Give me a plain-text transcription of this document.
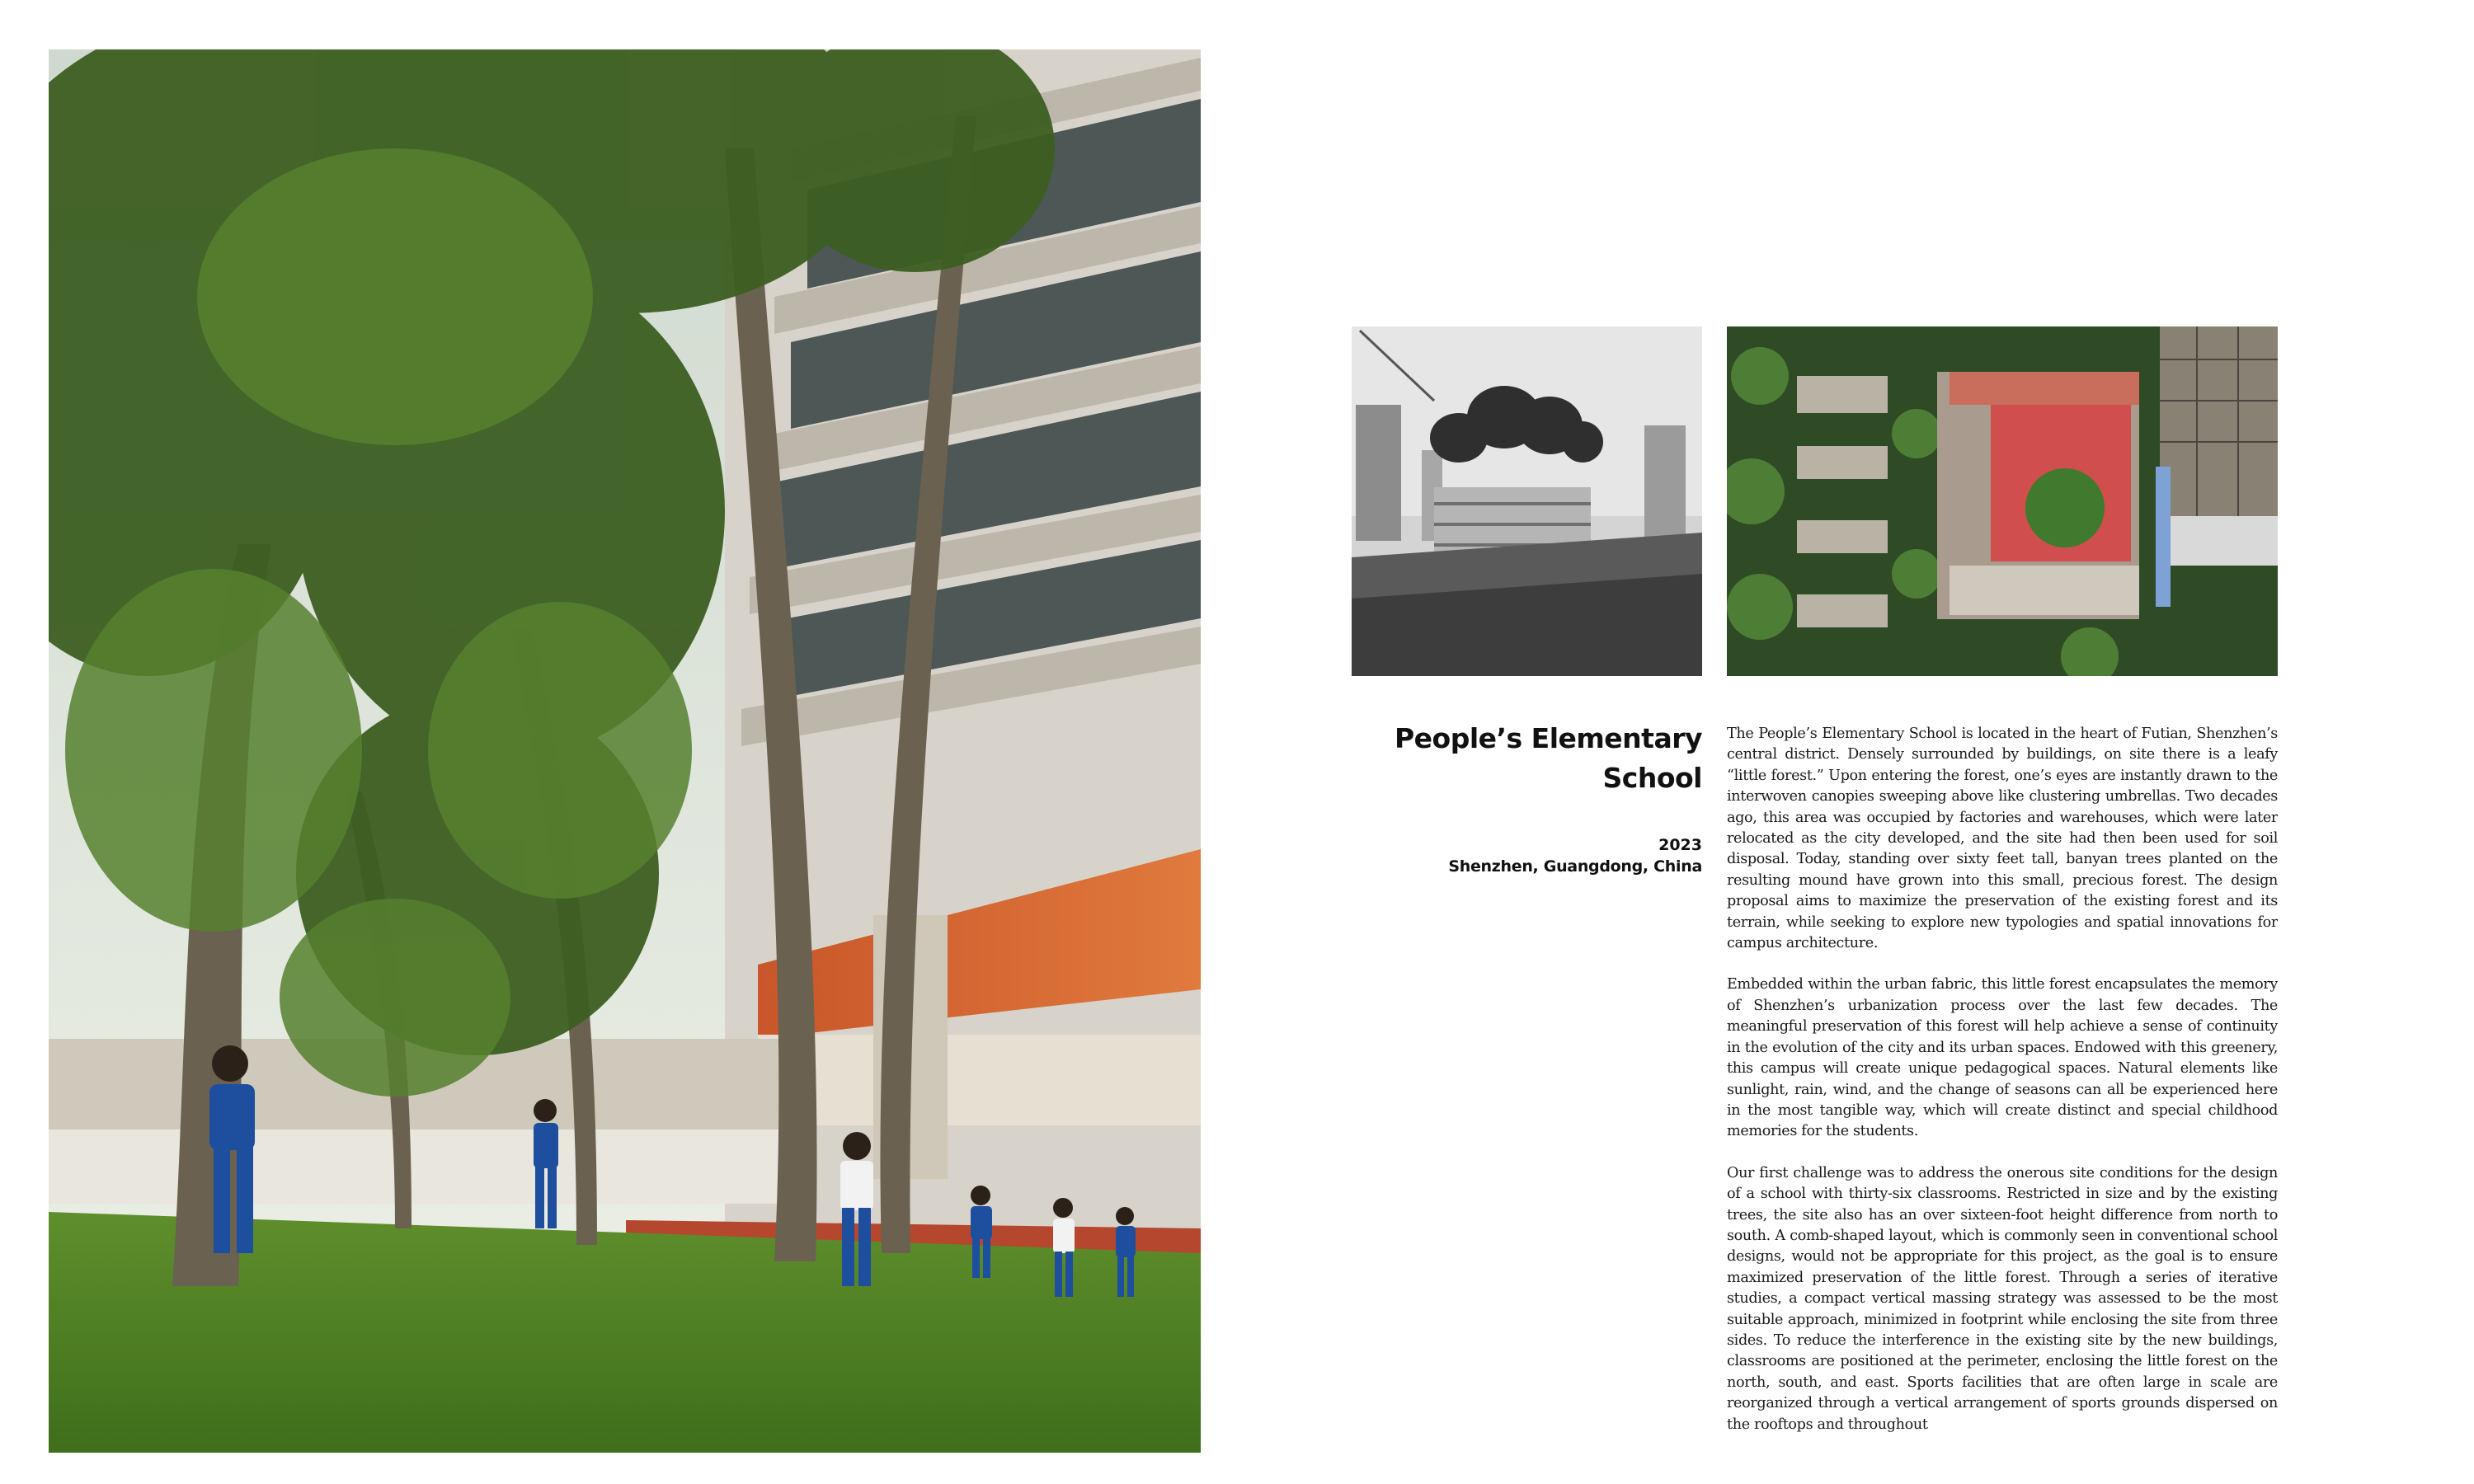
People’s Elementary
School
2023
Shenzhen, Guangdong, China

The People’s Elementary School is located in the heart of Futian, Shenzhen’s central district. Densely surrounded by buildings, on site there is a leafy “little forest.” Upon entering the forest, one’s eyes are instantly drawn to the interwoven canopies sweeping above like clustering umbrellas. Two decades ago, this area was occupied by factories and warehouses, which were later relocated as the city developed, and the site had then been used for soil disposal. Today, standing over sixty feet tall, banyan trees planted on the resulting mound have grown into this small, precious forest. The design proposal aims to maximize the preservation of the existing forest and its terrain, while seeking to explore new typologies and spatial innovations for campus architecture.

Embedded within the urban fabric, this little forest encapsulates the memory of Shenzhen’s urbanization process over the last few decades. The meaningful preservation of this forest will help achieve a sense of continuity in the evolution of the city and its urban spaces. Endowed with this greenery, this campus will create unique pedagogical spaces. Natural elements like sunlight, rain, wind, and the change of seasons can all be experienced here in the most tangible way, which will create distinct and special childhood memories for the students.

Our first challenge was to address the onerous site conditions for the design of a school with thirty-six classrooms. Restricted in size and by the existing trees, the site also has an over sixteen-foot height difference from north to south. A comb-shaped layout, which is commonly seen in conventional school designs, would not be appropriate for this project, as the goal is to ensure maximized preservation of the little forest. Through a series of iterative studies, a compact vertical massing strategy was assessed to be the most suitable approach, minimized in footprint while enclosing the site from three sides. To reduce the interference in the existing site by the new buildings, classrooms are positioned at the perimeter, enclosing the little forest on the north, south, and east. Sports facilities that are often large in scale are reorganized through a vertical arrangement of sports grounds dispersed on the rooftops and throughout
